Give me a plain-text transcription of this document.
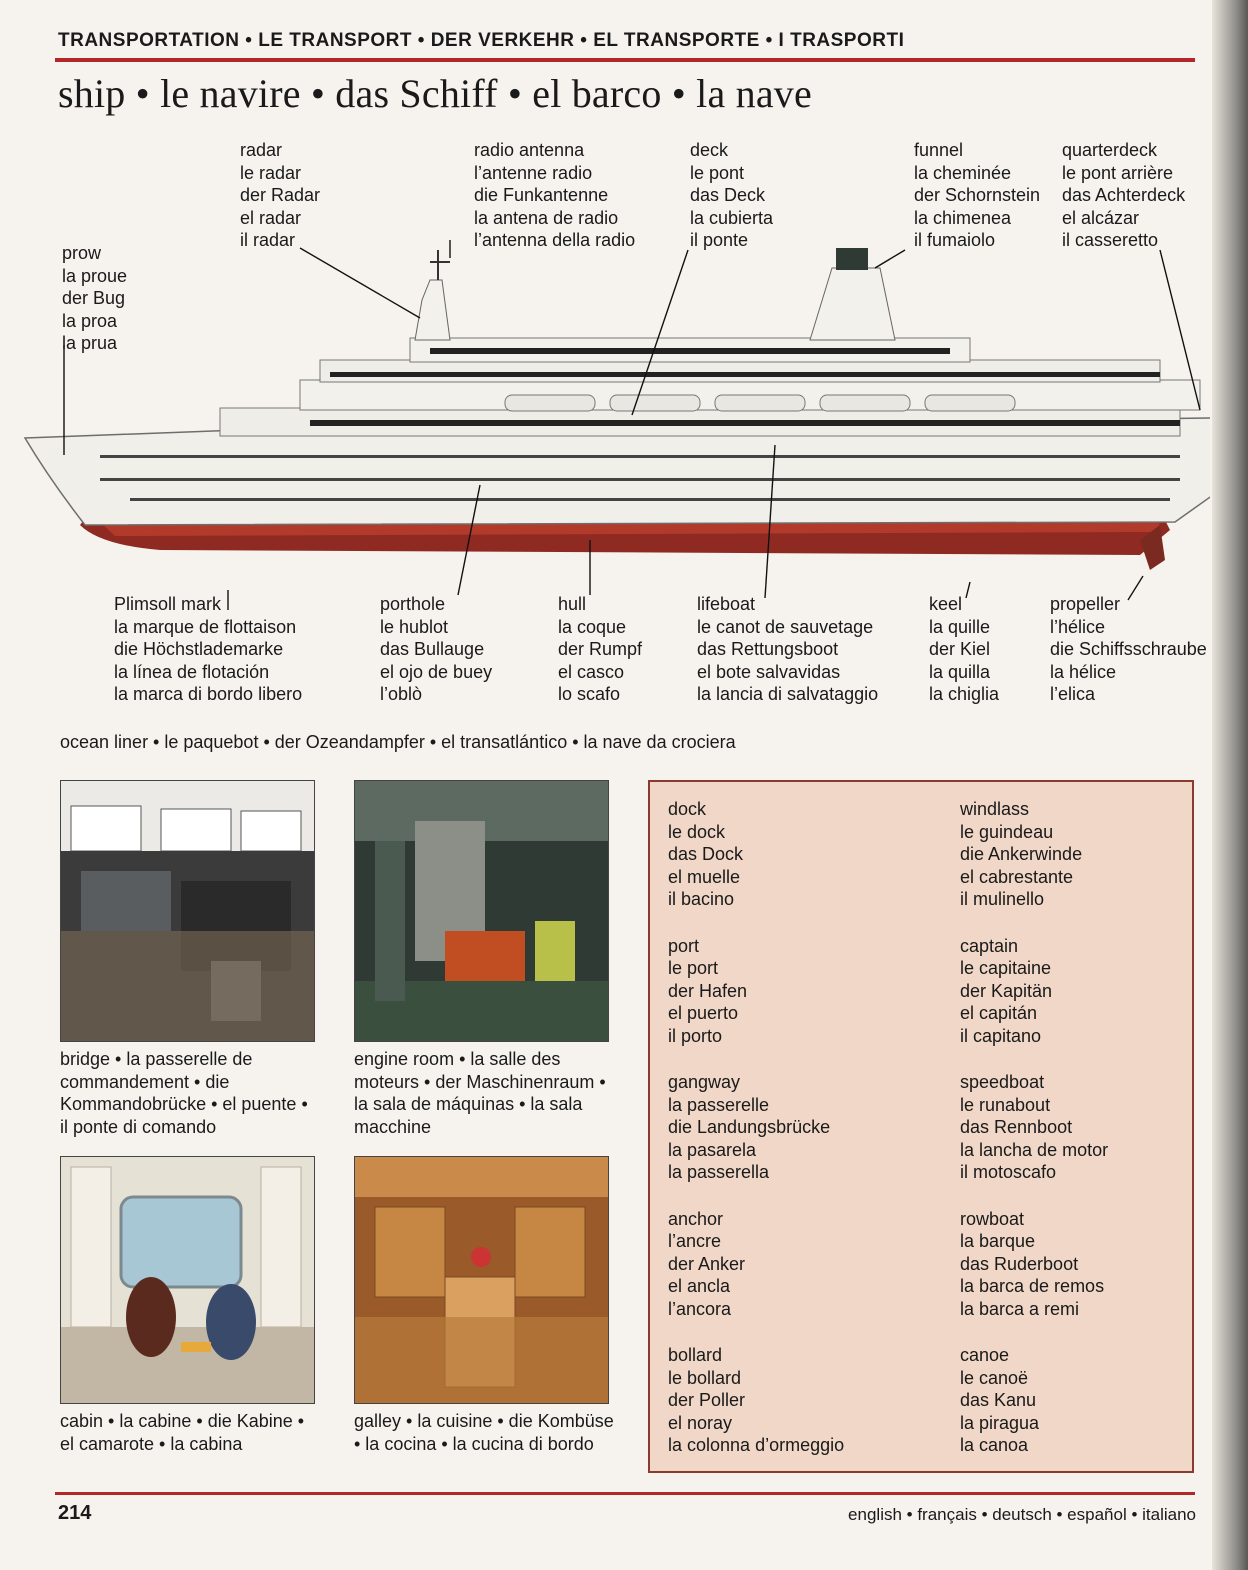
TRANSPORTATION • LE TRANSPORT • DER VERKEHR • EL TRANSPORTE • I TRASPORTI
ship • le navire • das Schiff • el barco • la nave
prow
la proue
der Bug
la proa
la prua
radar
le radar
der Radar
el radar
il radar
radio antenna
l’antenne radio
die Funkantenne
la antena de radio
l’antenna della radio
deck
le pont
das Deck
la cubierta
il ponte
funnel
la cheminée
der Schornstein
la chimenea
il fumaiolo
quarterdeck
le pont arrière
das Achterdeck
el alcázar
il casseretto
Plimsoll mark
la marque de flottaison
die Höchstlademarke
la línea de flotación
la marca di bordo libero
porthole
le hublot
das Bullauge
el ojo de buey
l’oblò
hull
la coque
der Rumpf
el casco
lo scafo
lifeboat
le canot de sauvetage
das Rettungsboot
el bote salvavidas
la lancia di salvataggio
keel
la quille
der Kiel
la quilla
la chiglia
propeller
l’hélice
die Schiffsschraube
la hélice
l’elica
ocean liner • le paquebot • der Ozeandampfer • el transatlántico • la nave da crociera
bridge • la passerelle de commandement • die Kommandobrücke • el puente • il ponte di comando
engine room • la salle des moteurs • der Maschinenraum • la sala de máquinas • la sala macchine
cabin • la cabine • die Kabine • el camarote • la cabina
galley • la cuisine • die Kombüse • la cocina • la cucina di bordo
dock
le dock
das Dock
el muelle
il bacino
port
le port
der Hafen
el puerto
il porto
gangway
la passerelle
die Landungsbrücke
la pasarela
la passerella
anchor
l’ancre
der Anker
el ancla
l’ancora
bollard
le bollard
der Poller
el noray
la colonna d’ormeggio
windlass
le guindeau
die Ankerwinde
el cabrestante
il mulinello
captain
le capitaine
der Kapitän
el capitán
il capitano
speedboat
le runabout
das Rennboot
la lancha de motor
il motoscafo
rowboat
la barque
das Ruderboot
la barca de remos
la barca a remi
canoe
le canoë
das Kanu
la piragua
la canoa
214	english • français • deutsch • español • italiano
